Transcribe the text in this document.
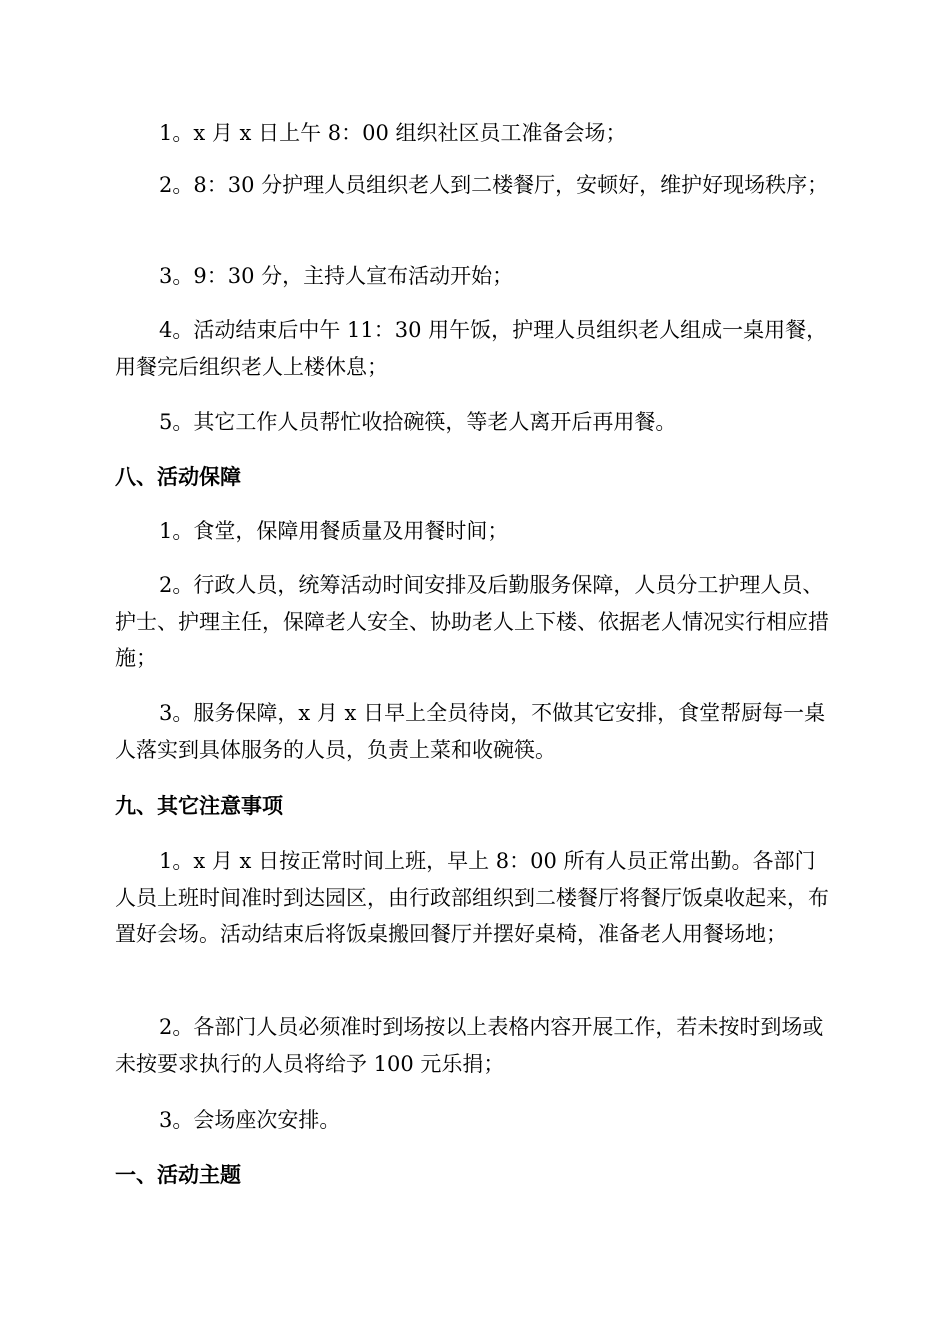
1。x 月 x 日上午 8：00 组织社区员工准备会场；

2。8：30 分护理人员组织老人到二楼餐厅，安顿好，维护好现场秩序；

3。9：30 分，主持人宣布活动开始；

4。活动结束后中午 11：30 用午饭，护理人员组织老人组成一桌用餐，用餐完后组织老人上楼休息；

5。其它工作人员帮忙收拾碗筷，等老人离开后再用餐。

八、活动保障

1。食堂，保障用餐质量及用餐时间；

2。行政人员，统筹活动时间安排及后勤服务保障，人员分工护理人员、护士、护理主任，保障老人安全、协助老人上下楼、依据老人情况实行相应措施；

3。服务保障，x 月 x 日早上全员待岗，不做其它安排，食堂帮厨每一桌人落实到具体服务的人员，负责上菜和收碗筷。

九、其它注意事项

1。x 月 x 日按正常时间上班，早上 8：00 所有人员正常出勤。各部门人员上班时间准时到达园区，由行政部组织到二楼餐厅将餐厅饭桌收起来，布置好会场。活动结束后将饭桌搬回餐厅并摆好桌椅，准备老人用餐场地；

2。各部门人员必须准时到场按以上表格内容开展工作，若未按时到场或未按要求执行的人员将给予 100 元乐捐；

3。会场座次安排。

一、活动主题
